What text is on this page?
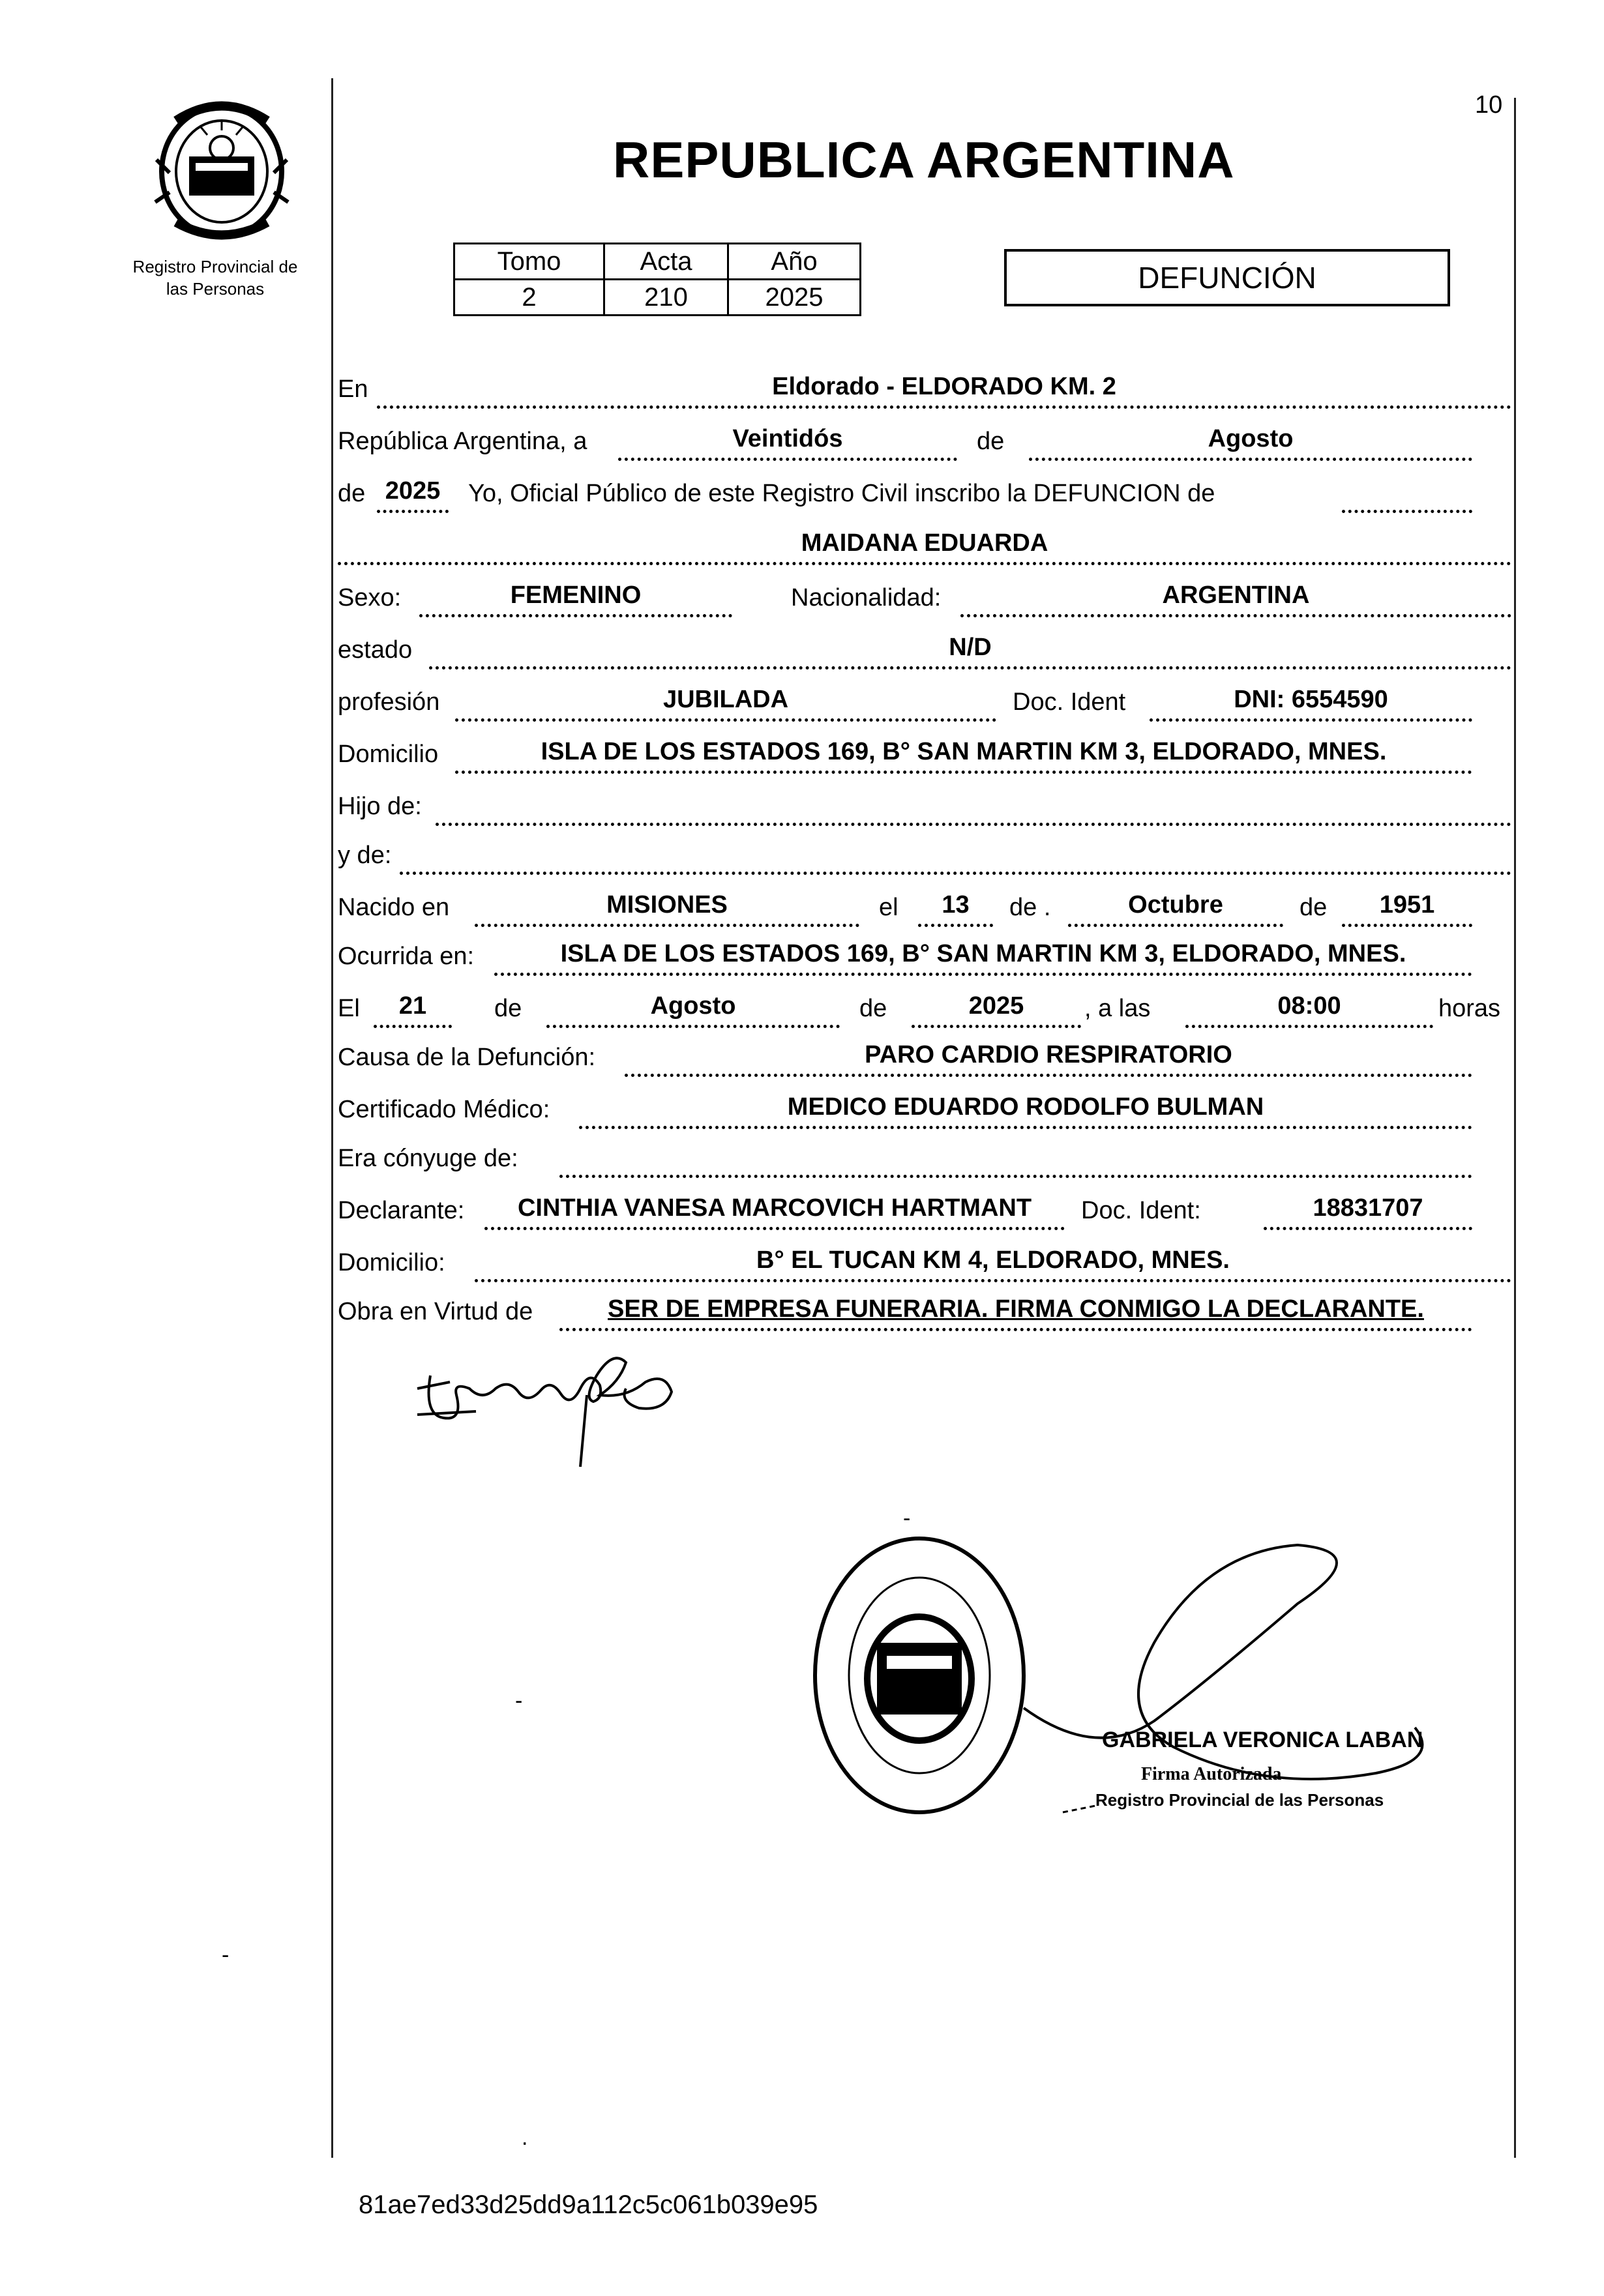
10
Registro Provincial de
las Personas
REPUBLICA ARGENTINA
Tomo	Acta	Año
2	210	2025
DEFUNCIÓN
En	Eldorado - ELDORADO KM. 2
República Argentina, a	Veintidós	de	Agosto
de 2025	Yo, Oficial Público de este Registro Civil inscribo la DEFUNCION de
MAIDANA EDUARDA
Sexo:	FEMENINO	Nacionalidad:	ARGENTINA
estado	N/D
profesión	JUBILADA	Doc. Ident	DNI: 6554590
Domicilio	ISLA DE LOS ESTADOS 169, B° SAN MARTIN KM 3, ELDORADO, MNES.
Hijo de:
y de:
Nacido en	MISIONES	el	13	de .	Octubre	de	1951
Ocurrida en:	ISLA DE LOS ESTADOS 169, B° SAN MARTIN KM 3, ELDORADO, MNES.
El	21	de	Agosto	de	2025	, a las	08:00	horas
Causa de la Defunción:	PARO CARDIO RESPIRATORIO
Certificado Médico:	MEDICO EDUARDO RODOLFO BULMAN
Era cónyuge de:
Declarante:	CINTHIA VANESA MARCOVICH HARTMANT	Doc. Ident:	18831707
Domicilio:	B° EL TUCAN KM 4, ELDORADO, MNES.
Obra en Virtud de	SER DE EMPRESA FUNERARIA. FIRMA CONMIGO LA DECLARANTE.
GABRIELA VERONICA LABAN
Firma Autorizada
Registro Provincial de las Personas
-
-
.
-
81ae7ed33d25dd9a112c5c061b039e95
